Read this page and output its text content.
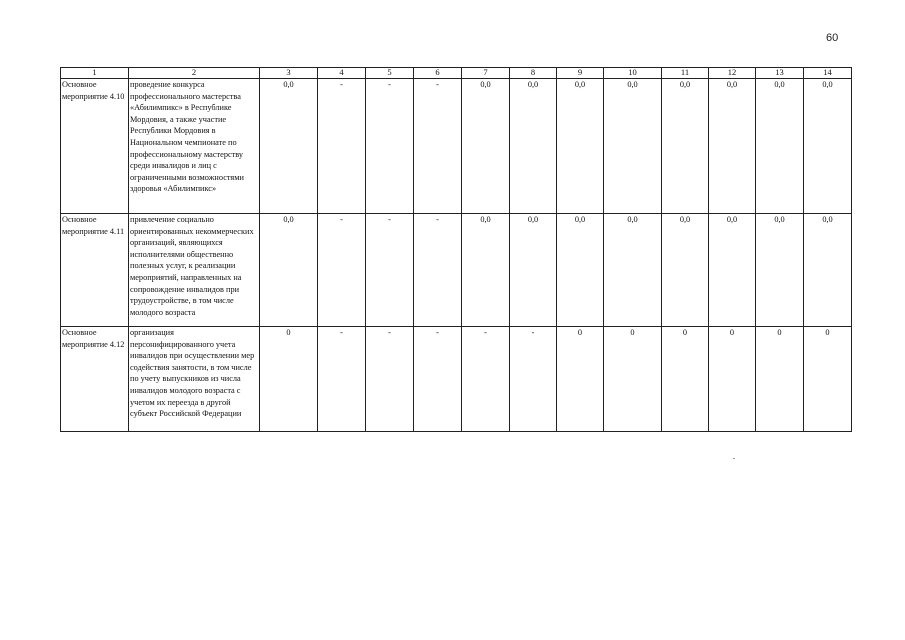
60
1	2	3	4	5	6	7	8	9	10	11	12	13	14
Основное мероприятие 4.10	проведение конкурса профессионального мастерства «Абилимпикс» в Республике Мордовия, а также участие Республики Мордовия в Национальном чемпионате по профессиональному мастерству среди инвалидов и лиц с ограниченными возможностями здоровья «Абилимпикс»	0,0	-	-	-	0,0	0,0	0,0	0,0	0,0	0,0	0,0	0,0
Основное мероприятие 4.11	привлечение социально ориентированных некоммерческих организаций, являющихся исполнителями общественно полезных услуг, к реализации мероприятий, направленных на сопровождение инвалидов при трудоустройстве, в том числе молодого возраста	0,0	-	-	-	0,0	0,0	0,0	0,0	0,0	0,0	0,0	0,0
Основное мероприятие 4.12	организация персонифицированного учета инвалидов при осуществлении мер содействия занятости, в том числе по учету выпускников из числа инвалидов молодого возраста с учетом их переезда в другой субъект Российской Федерации	0	-	-	-	-	-	0	0	0	0	0	0
